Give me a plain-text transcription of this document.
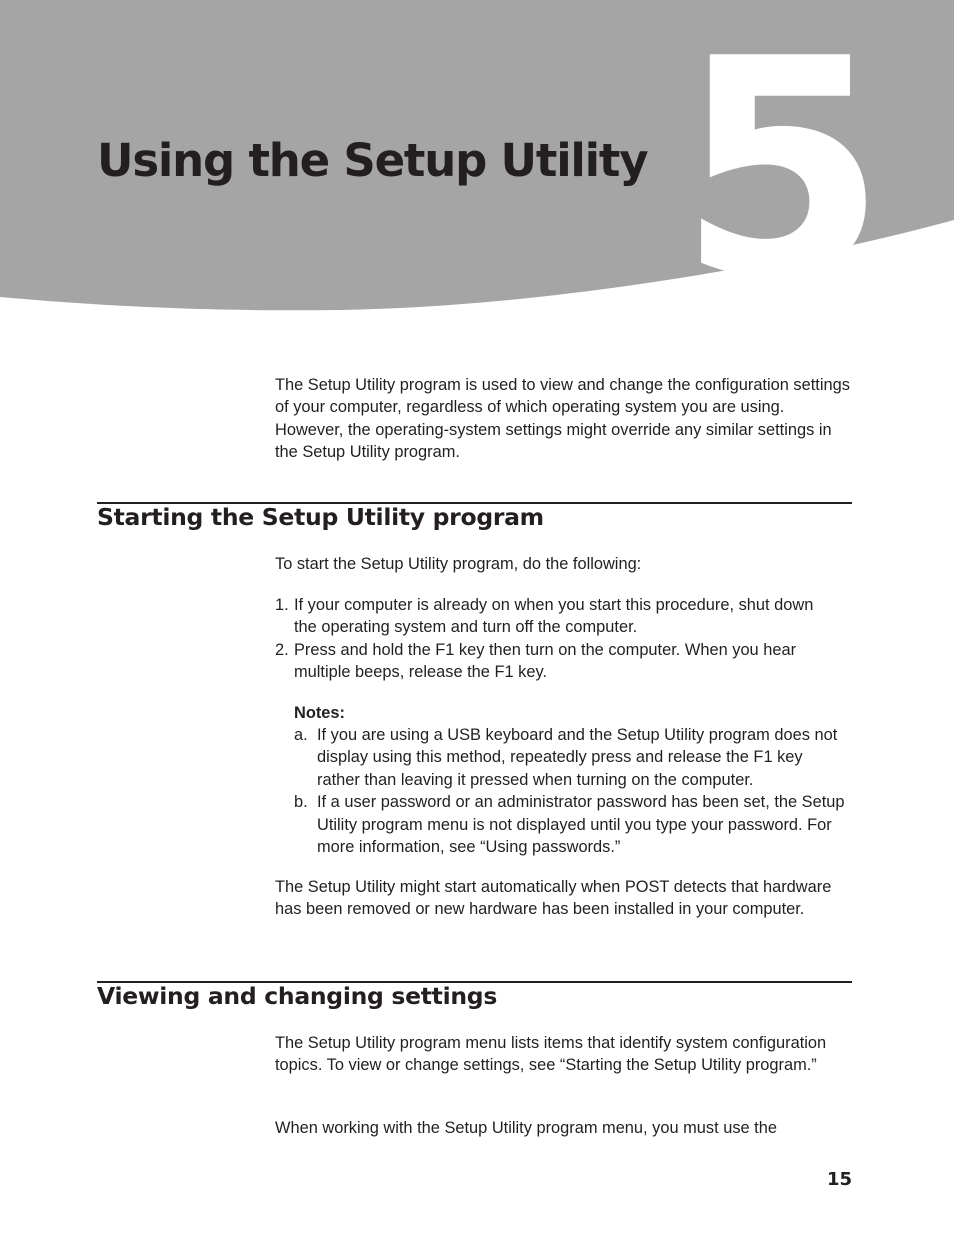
5
Using the Setup Utility

The Setup Utility program is used to view and change the configuration settings of your computer, regardless of which operating system you are using. However, the operating-system settings might override any similar settings in the Setup Utility program.

Starting the Setup Utility program

To start the Setup Utility program, do the following:

1. If your computer is already on when you start this procedure, shut down the operating system and turn off the computer.
2. Press and hold the F1 key then turn on the computer. When you hear multiple beeps, release the F1 key.

Notes:

a. If you are using a USB keyboard and the Setup Utility program does not display using this method, repeatedly press and release the F1 key rather than leaving it pressed when turning on the computer.
b. If a user password or an administrator password has been set, the Setup Utility program menu is not displayed until you type your password. For more information, see “Using passwords.”

The Setup Utility might start automatically when POST detects that hardware has been removed or new hardware has been installed in your computer.

Viewing and changing settings

The Setup Utility program menu lists items that identify system configuration topics. To view or change settings, see “Starting the Setup Utility program.”

When working with the Setup Utility program menu, you must use the

15
